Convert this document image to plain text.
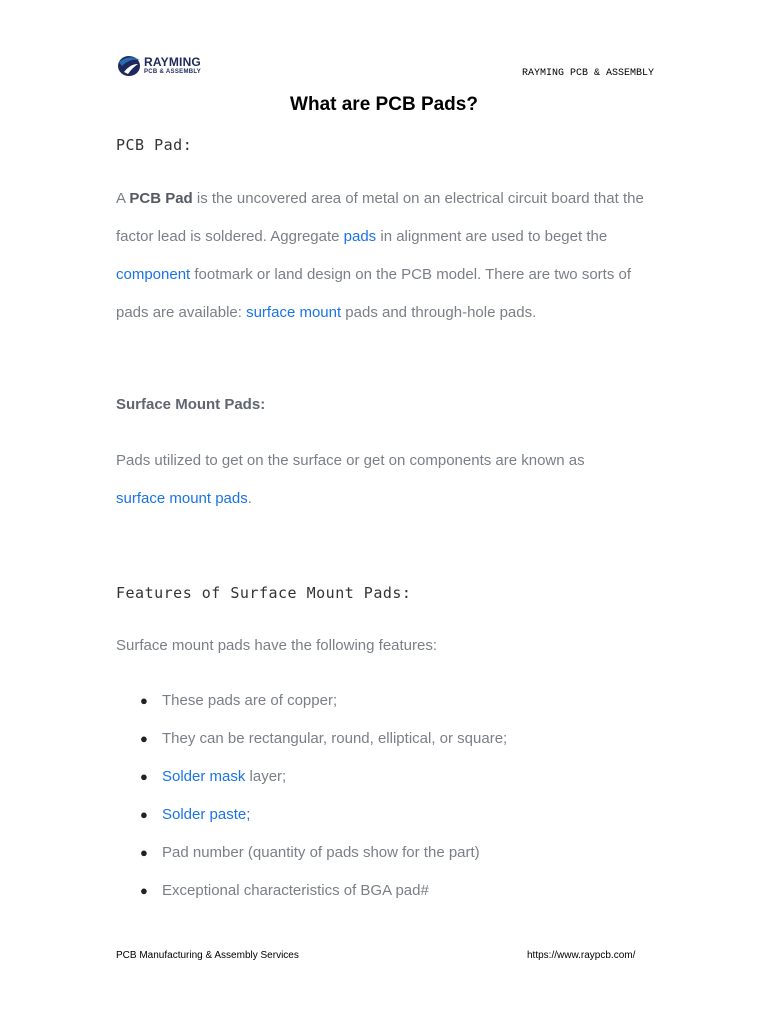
RAYMING
PCB & ASSEMBLY	RAYMING PCB & ASSEMBLY
What are PCB Pads?
PCB Pad:
A PCB Pad is the uncovered area of metal on an electrical circuit board that the factor lead is soldered. Aggregate pads in alignment are used to beget the component footmark or land design on the PCB model. There are two sorts of pads are available: surface mount pads and through-hole pads.
Surface Mount Pads:
Pads utilized to get on the surface or get on components are known as surface mount pads.
Features of Surface Mount Pads:
Surface mount pads have the following features:
● These pads are of copper;
● They can be rectangular, round, elliptical, or square;
● Solder mask layer;
● Solder paste;
● Pad number (quantity of pads show for the part)
● Exceptional characteristics of BGA pad#
PCB Manufacturing & Assembly Services	https://www.raypcb.com/
